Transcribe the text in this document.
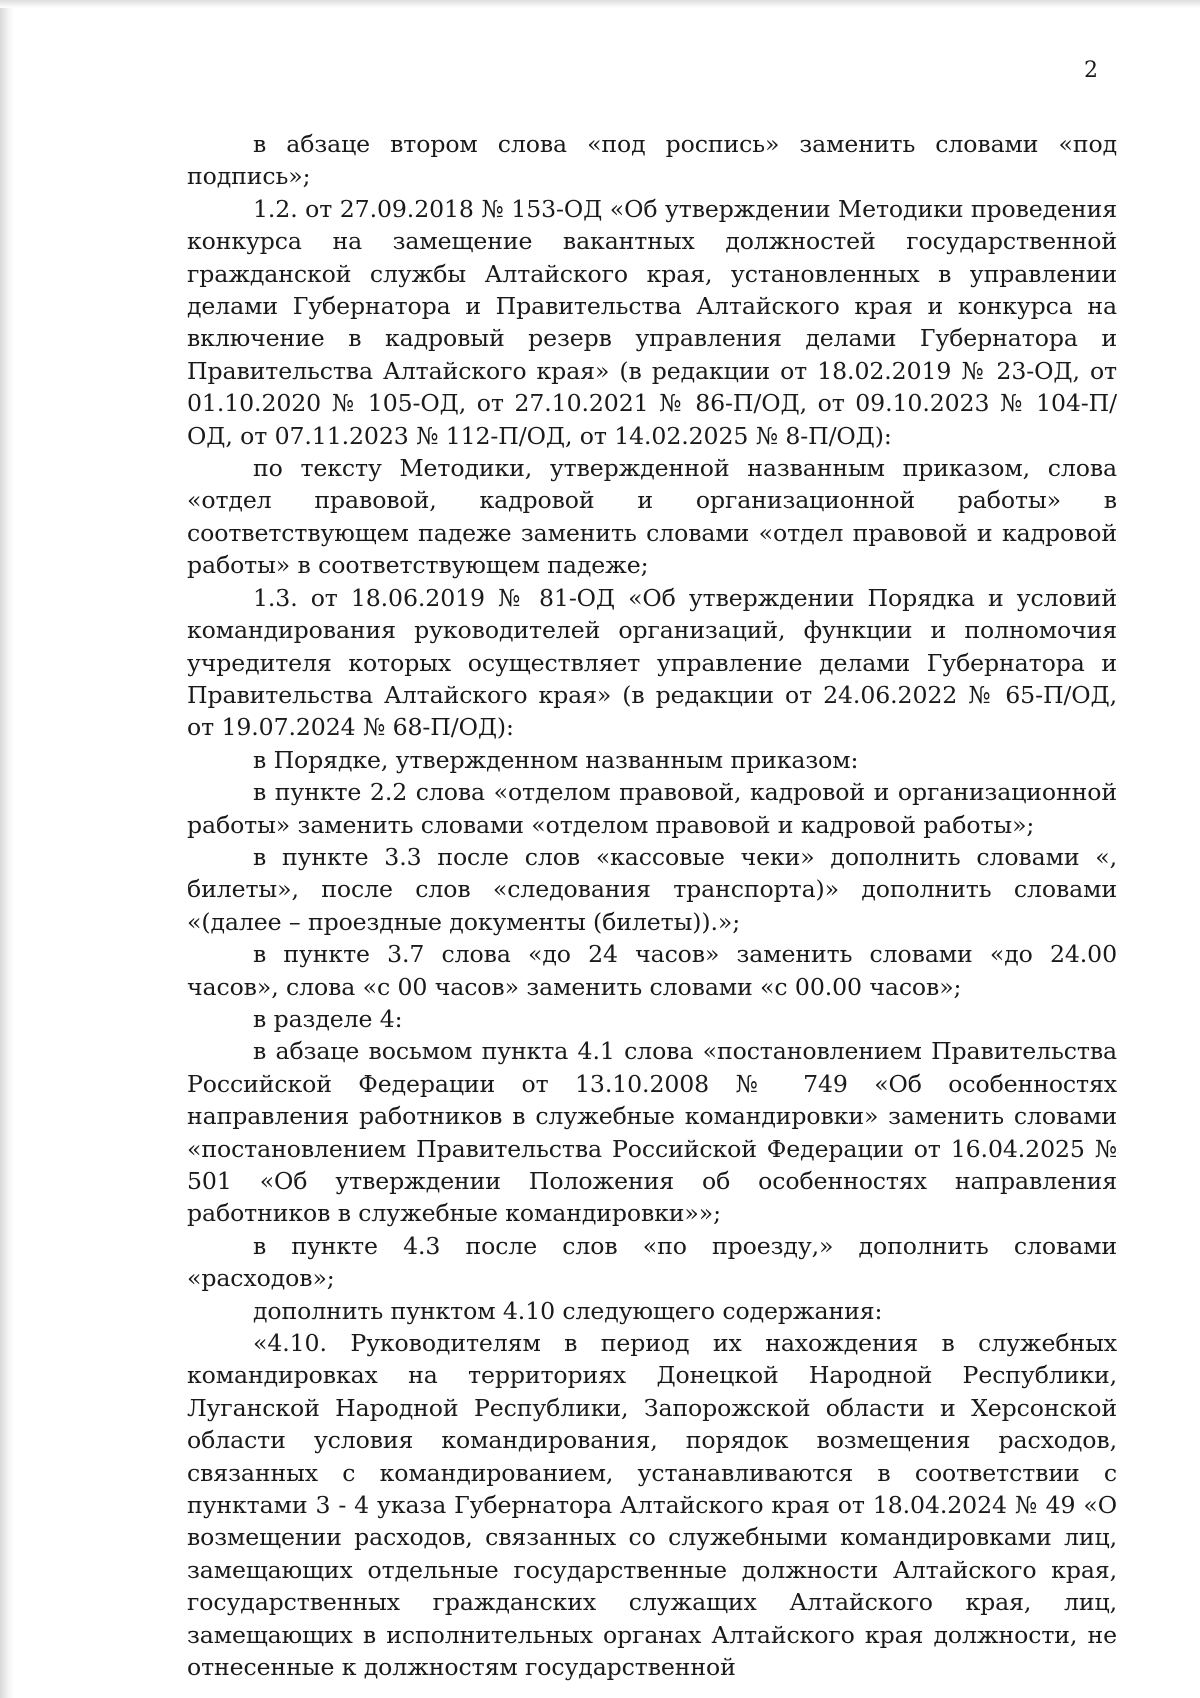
2

в абзаце втором слова «под роспись» заменить словами «под подпись»;

1.2. от 27.09.2018 № 153-ОД «Об утверждении Методики проведения конкурса на замещение вакантных должностей государственной гражданской службы Алтайского края, установленных в управлении делами Губернатора и Правительства Алтайского края и конкурса на включение в кадровый резерв управления делами Губернатора и Правительства Алтайского края» (в редакции от 18.02.2019 № 23-ОД, от 01.10.2020 № 105-ОД, от 27.10.2021 № 86-П/ОД, от 09.10.2023 № 104-П/ОД, от 07.11.2023 № 112-П/ОД, от 14.02.2025 № 8-П/ОД):

по тексту Методики, утвержденной названным приказом, слова «отдел правовой, кадровой и организационной работы» в соответствующем падеже заменить словами «отдел правовой и кадровой работы» в соответствующем падеже;

1.3. от 18.06.2019 № 81-ОД «Об утверждении Порядка и условий командирования руководителей организаций, функции и полномочия учредителя которых осуществляет управление делами Губернатора и Правительства Алтайского края» (в редакции от 24.06.2022 № 65-П/ОД, от 19.07.2024 № 68-П/ОД):

в Порядке, утвержденном названным приказом:

в пункте 2.2 слова «отделом правовой, кадровой и организационной работы» заменить словами «отделом правовой и кадровой работы»;

в пункте 3.3 после слов «кассовые чеки» дополнить словами «, билеты», после слов «следования транспорта)» дополнить словами «(далее – проездные документы (билеты)).»;

в пункте 3.7 слова «до 24 часов» заменить словами «до 24.00 часов», слова «с 00 часов» заменить словами «с 00.00 часов»;

в разделе 4:

в абзаце восьмом пункта 4.1 слова «постановлением Правительства Российской Федерации от 13.10.2008 № 749 «Об особенностях направления работников в служебные командировки» заменить словами «постановлением Правительства Российской Федерации от 16.04.2025 № 501 «Об утверждении Положения об особенностях направления работников в служебные командировки»»;

в пункте 4.3 после слов «по проезду,» дополнить словами «расходов»;

дополнить пунктом 4.10 следующего содержания:

«4.10. Руководителям в период их нахождения в служебных командировках на территориях Донецкой Народной Республики, Луганской Народной Республики, Запорожской области и Херсонской области условия командирования, порядок возмещения расходов, связанных с командированием, устанавливаются в соответствии с пунктами 3 - 4 указа Губернатора Алтайского края от 18.04.2024 № 49 «О возмещении расходов, связанных со служебными командировками лиц, замещающих отдельные государственные должности Алтайского края, государственных гражданских служащих Алтайского края, лиц, замещающих в исполнительных органах Алтайского края должности, не отнесенные к должностям государственной
